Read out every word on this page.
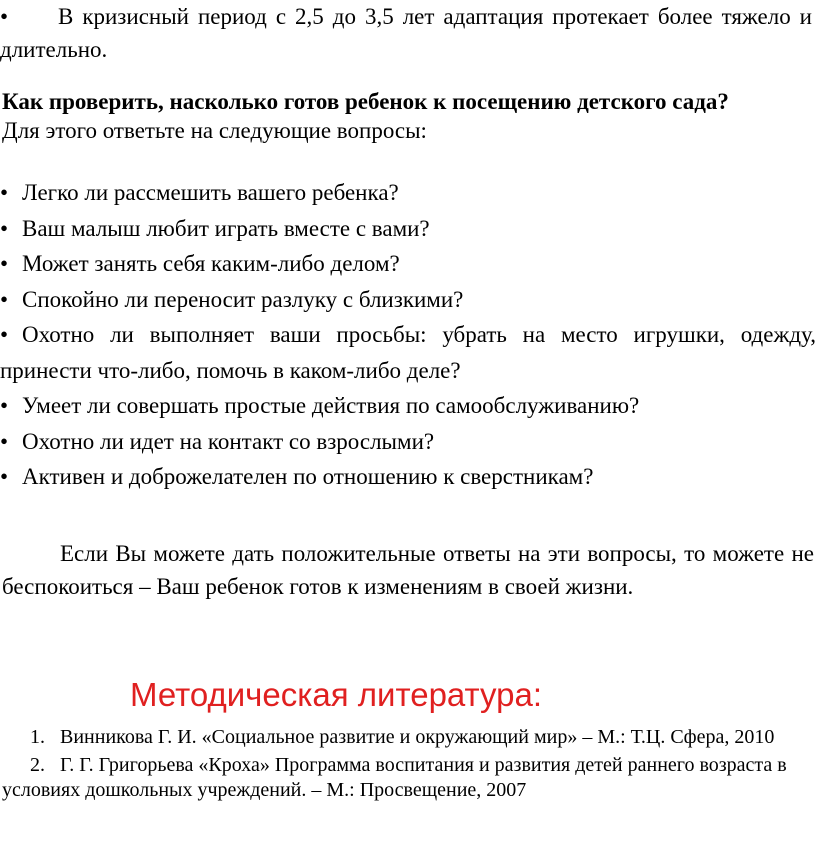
• В кризисный период с 2,5 до 3,5 лет адаптация протекает более тяжело и длительно.
Как проверить, насколько готов ребенок к посещению детского сада?
Для этого ответьте на следующие вопросы:
• Легко ли рассмешить вашего ребенка?
• Ваш малыш любит играть вместе с вами?
• Может занять себя каким-либо делом?
• Спокойно ли переносит разлуку с близкими?
• Охотно ли выполняет ваши просьбы: убрать на место игрушки, одежду, принести что-либо, помочь в каком-либо деле?
• Умеет ли совершать простые действия по самообслуживанию?
• Охотно ли идет на контакт со взрослыми?
• Активен и доброжелателен по отношению к сверстникам?
Если Вы можете дать положительные ответы на эти вопросы, то можете не беспокоиться – Ваш ребенок готов к изменениям в своей жизни.
Методическая литература:
1. Винникова Г. И. «Социальное развитие и окружающий мир» – М.: Т.Ц. Сфера, 2010
2. Г. Г. Григорьева «Кроха» Программа воспитания и развития детей раннего возраста в условиях дошкольных учреждений. – М.: Просвещение, 2007
